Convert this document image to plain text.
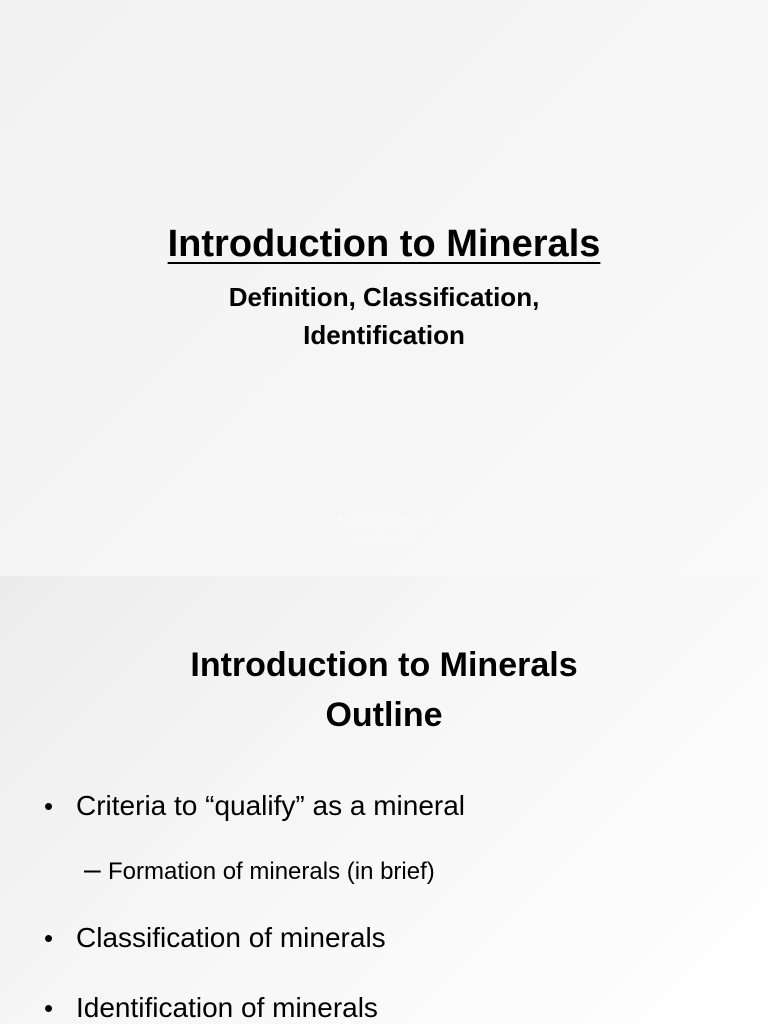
Introduction to Minerals
Definition, Classification,
Identification
HARIKRISHNAN
9847213627
Introduction to Minerals
Outline
• Criteria to “qualify” as a mineral
– Formation of minerals (in brief)
• Classification of minerals
• Identification of minerals
